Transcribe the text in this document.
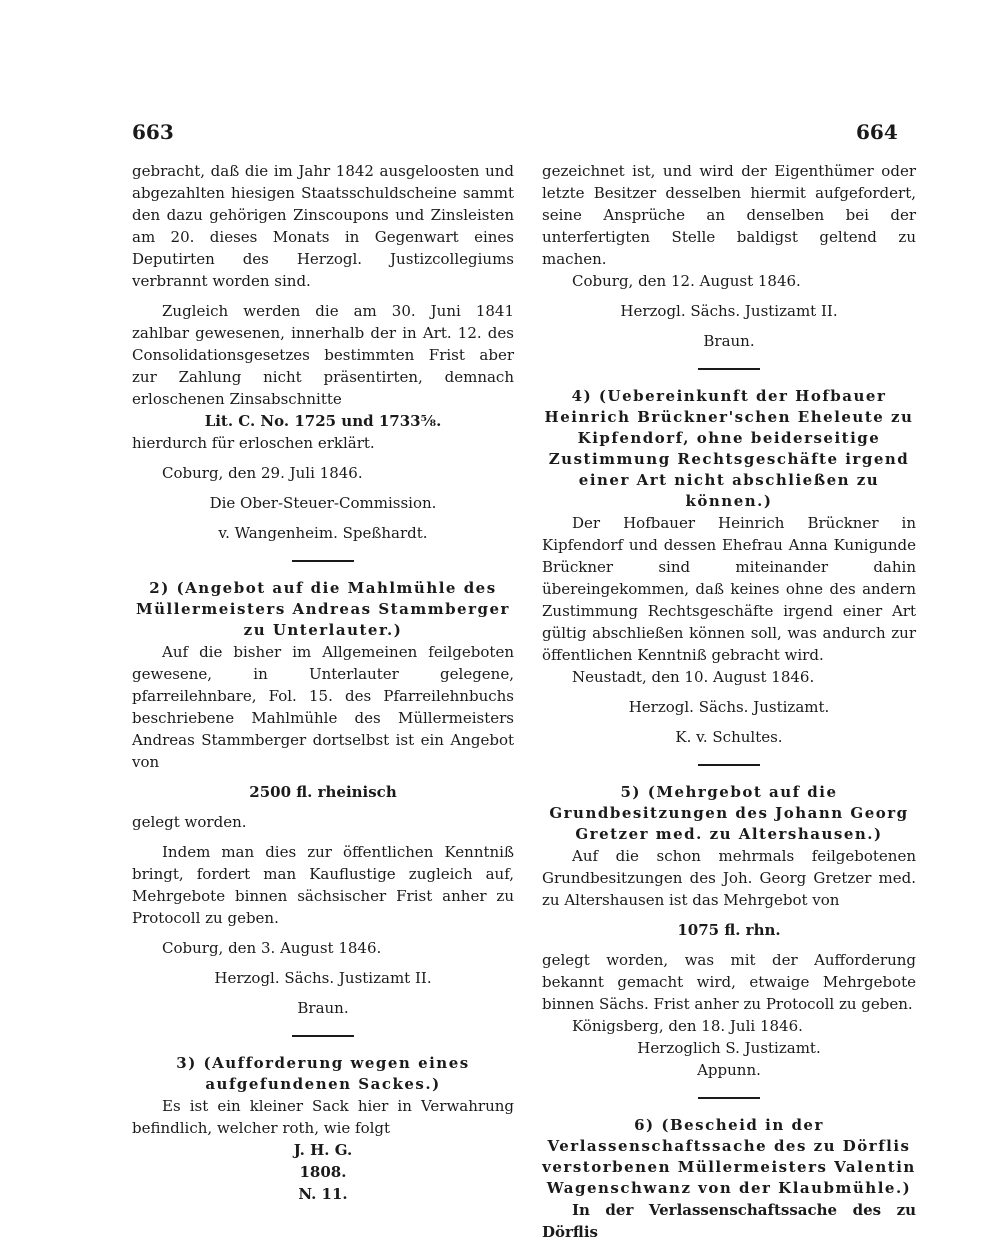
663	664

gebracht, daß die im Jahr 1842 ausgeloosten und abgezahlten hiesigen Staatsschuldscheine sammt den dazu gehörigen Zinscoupons und Zinsleisten am 20. dieses Monats in Gegenwart eines Deputirten des Herzogl. Justizcollegiums verbrannt worden sind.

Zugleich werden die am 30. Juni 1841 zahlbar gewesenen, innerhalb der in Art. 12. des Consolidationsgesetzes bestimmten Frist aber zur Zahlung nicht präsentirten, demnach erloschenen Zinsabschnitte

Lit. C. No. 1725 und 1733⅝.

hierdurch für erloschen erklärt.

Coburg, den 29. Juli 1846.

Die Ober-Steuer-Commission.

v. Wangenheim. Speßhardt.

2) (Angebot auf die Mahlmühle des Müllermeisters Andreas Stammberger zu Unterlauter.)

Auf die bisher im Allgemeinen feilgeboten gewesene, in Unterlauter gelegene, pfarreilehnbare, Fol. 15. des Pfarreilehnbuchs beschriebene Mahlmühle des Müllermeisters Andreas Stammberger dortselbst ist ein Angebot von

2500 fl. rheinisch

gelegt worden.

Indem man dies zur öffentlichen Kenntniß bringt, fordert man Kauflustige zugleich auf, Mehrgebote binnen sächsischer Frist anher zu Protocoll zu geben.

Coburg, den 3. August 1846.

Herzogl. Sächs. Justizamt II.

Braun.

3) (Aufforderung wegen eines aufgefundenen Sackes.)

Es ist ein kleiner Sack hier in Verwahrung befindlich, welcher roth, wie folgt

J. H. G.

1808.

N. 11.

gezeichnet ist, und wird der Eigenthümer oder letzte Besitzer desselben hiermit aufgefordert, seine Ansprüche an denselben bei der unterfertigten Stelle baldigst geltend zu machen.

Coburg, den 12. August 1846.

Herzogl. Sächs. Justizamt II.

Braun.

4) (Uebereinkunft der Hofbauer Heinrich Brückner'schen Eheleute zu Kipfendorf, ohne beiderseitige Zustimmung Rechtsgeschäfte irgend einer Art nicht abschließen zu können.)

Der Hofbauer Heinrich Brückner in Kipfendorf und dessen Ehefrau Anna Kunigunde Brückner sind miteinander dahin übereingekommen, daß keines ohne des andern Zustimmung Rechtsgeschäfte irgend einer Art gültig abschließen können soll, was andurch zur öffentlichen Kenntniß gebracht wird.

Neustadt, den 10. August 1846.

Herzogl. Sächs. Justizamt.

K. v. Schultes.

5) (Mehrgebot auf die Grundbesitzungen des Johann Georg Gretzer med. zu Altershausen.)

Auf die schon mehrmals feilgebotenen Grundbesitzungen des Joh. Georg Gretzer med. zu Altershausen ist das Mehrgebot von

1075 fl. rhn.

gelegt worden, was mit der Aufforderung bekannt gemacht wird, etwaige Mehrgebote binnen Sächs. Frist anher zu Protocoll zu geben.

Königsberg, den 18. Juli 1846.

Herzoglich S. Justizamt.

Appunn.

6) (Bescheid in der Verlassenschaftssache des zu Dörflis verstorbenen Müllermeisters Valentin Wagenschwanz von der Klaubmühle.)

In der Verlassenschaftssache des zu Dörflis
